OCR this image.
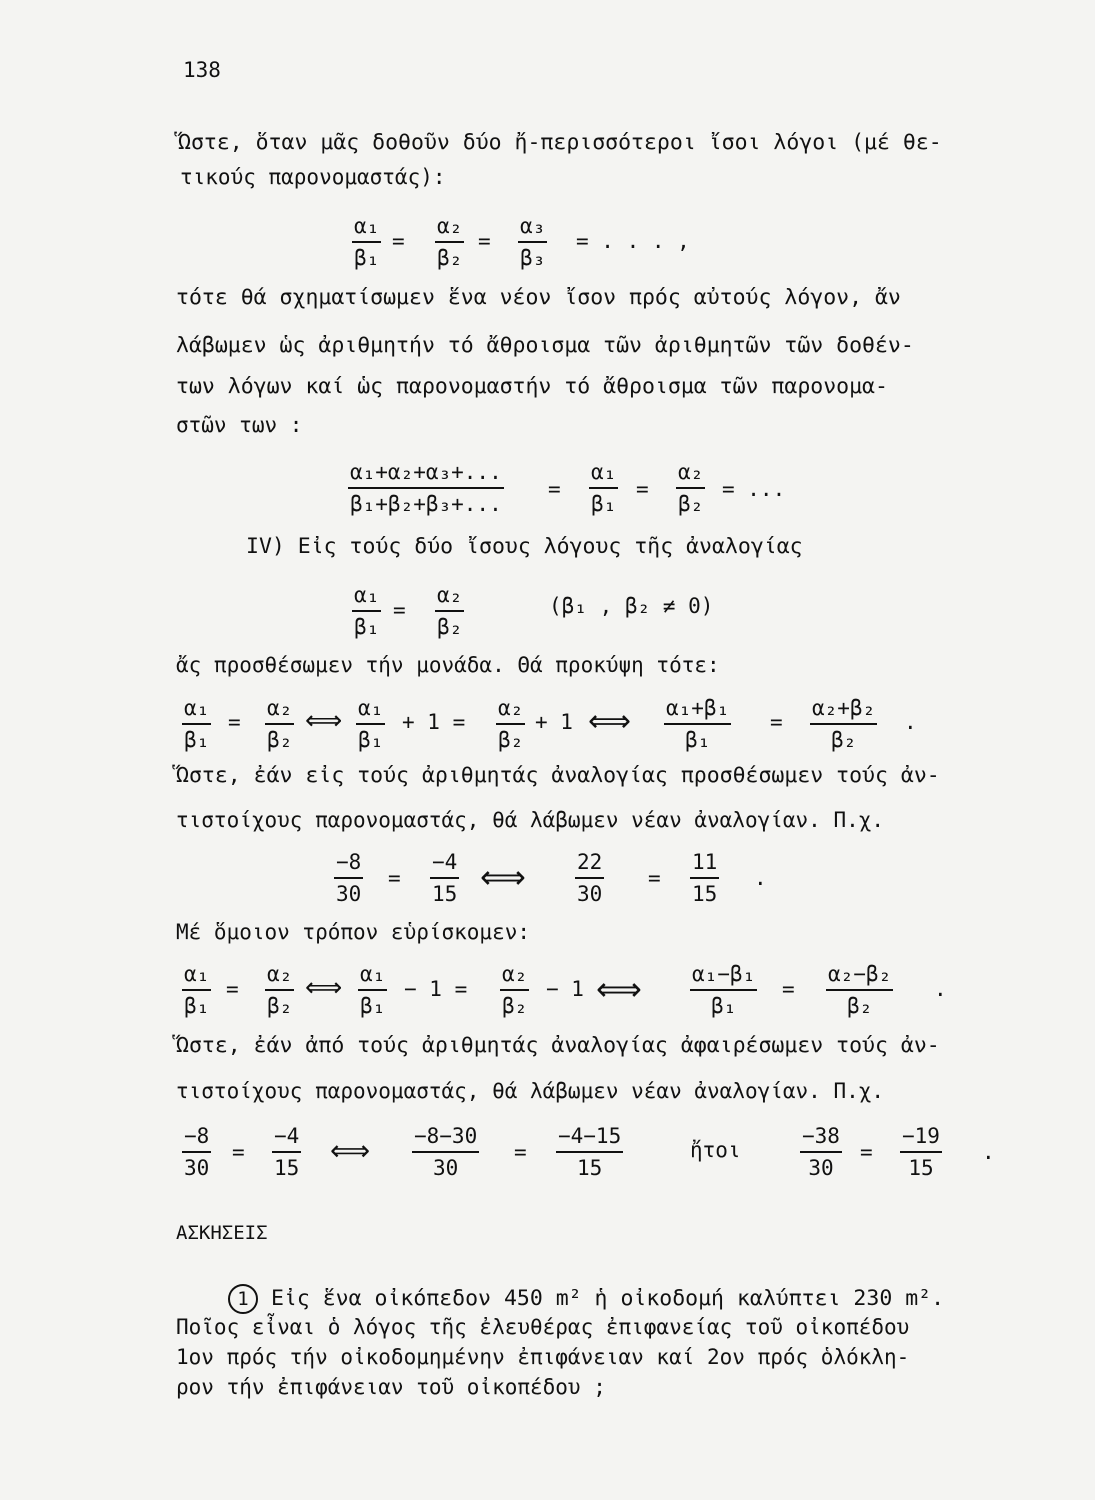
138
Ὥστε, ὅταν μᾶς δοθοῦν δύο ἤ-περισσότεροι ἴσοι λόγοι (μέ θε-
τικούς παρονομαστάς):
$\frac{\text{α₁}}{\text{β₁}} = \frac{\text{α₂}}{\text{β₂}} = \frac{\text{α₃}}{\text{β₃}}$ = . . . ,
τότε θά σχηματίσωμεν ἕνα νέον ἴσον πρός αὐτούς λόγον, ἄν
λάβωμεν ὡς ἀριθμητήν τό ἄθροισμα τῶν ἀριθμητῶν τῶν δοθέν-
των λόγων καί ὡς παρονομαστήν τό ἄθροισμα τῶν παρονομα-
στῶν των :
$\frac{\text{α₁+α₂+α₃+...}}{\text{β₁+β₂+β₃+...}} = \frac{\text{α₁}}{\text{β₁}} = \frac{\text{α₂}}{\text{β₂}}$ = ...
IV) Εἰς τούς δύο ἴσους λόγους τῆς ἀναλογίας
$\frac{\text{α₁}}{\text{β₁}} = \frac{\text{α₂}}{\text{β₂}}$	(β₁ , β₂ ≠ 0)
ἄς προσθέσωμεν τήν μονάδα. Θά προκύψη τότε:
$\frac{\text{α₁}}{\text{β₁}} = \frac{\text{α₂}}{\text{β₂}}$ ⟺ $\frac{\text{α₁}}{\text{β₁}} + 1 = \frac{\text{α₂}}{\text{β₂}} + 1$ ⟺ $\frac{\text{α₁+β₁}}{\text{β₁}} = \frac{\text{α₂+β₂}}{\text{β₂}}$ .
Ὥστε, ἐάν εἰς τούς ἀριθμητάς ἀναλογίας προσθέσωμεν τούς ἀν-
τιστοίχους παρονομαστάς, θά λάβωμεν νέαν ἀναλογίαν. Π.χ.
$\frac{-8}{30} = \frac{-4}{15}$ ⟺ $\frac{22}{30} = \frac{11}{15}$ .
Μέ ὅμοιον τρόπον εὑρίσκομεν:
$\frac{\text{α₁}}{\text{β₁}} = \frac{\text{α₂}}{\text{β₂}}$ ⟺ $\frac{\text{α₁}}{\text{β₁}} - 1 = \frac{\text{α₂}}{\text{β₂}} - 1$ ⟺ $\frac{\text{α₁−β₁}}{\text{β₁}} = \frac{\text{α₂−β₂}}{\text{β₂}}$ .
Ὥστε, ἐάν ἀπό τούς ἀριθμητάς ἀναλογίας ἀφαιρέσωμεν τούς ἀν-
τιστοίχους παρονομαστάς, θά λάβωμεν νέαν ἀναλογίαν. Π.χ.
$\frac{-8}{30} = \frac{-4}{15}$ ⟺ $\frac{-8-30}{30} = \frac{-4-15}{15}$	ἤτοι	$\frac{-38}{30} = \frac{-19}{15}$ .
ΑΣΚΗΣΕΙΣ
1 Εἰς ἕνα οἰκόπεδον 450 m² ἡ οἰκοδομή καλύπτει 230 m².
Ποῖος εἶναι ὁ λόγος τῆς ἐλευθέρας ἐπιφανείας τοῦ οἰκοπέδου
1ον πρός τήν οἰκοδομημένην ἐπιφάνειαν καί 2ον πρός ὁλόκλη-
ρον τήν ἐπιφάνειαν τοῦ οἰκοπέδου ;
